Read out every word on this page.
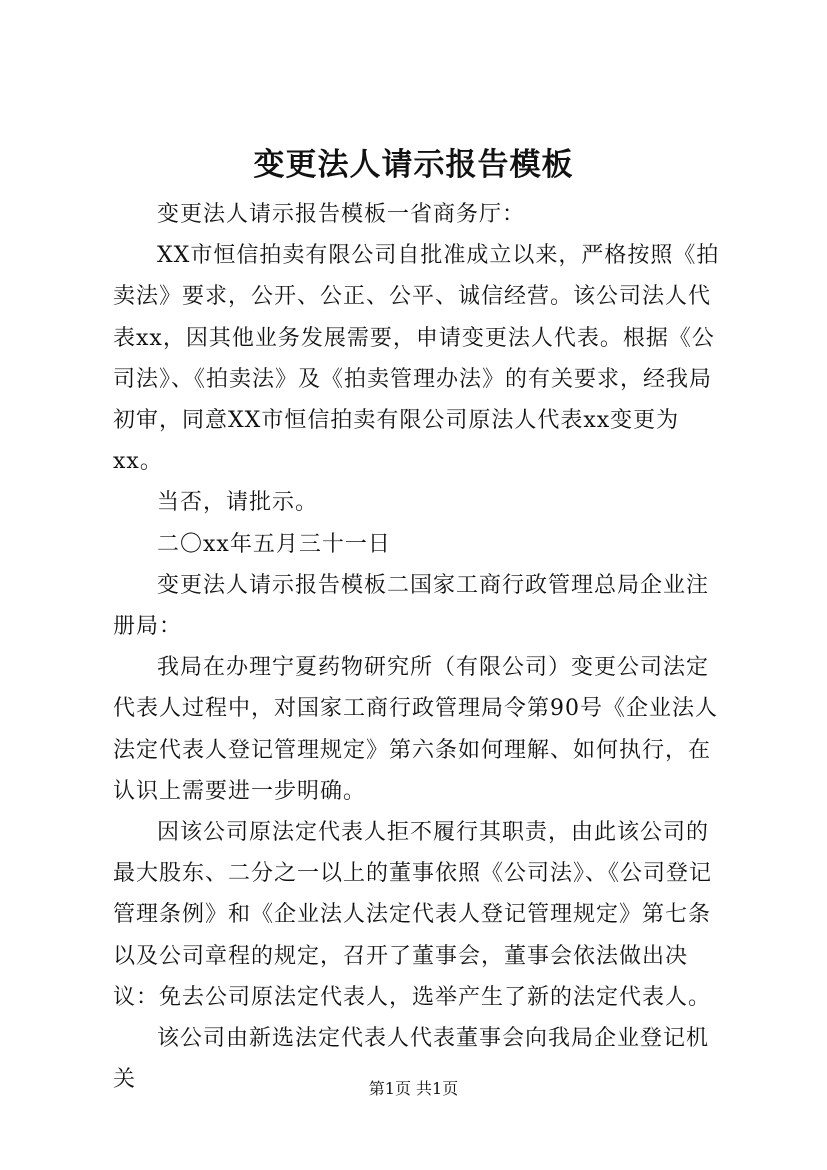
变更法人请示报告模板

变更法人请示报告模板一省商务厅：

XX市恒信拍卖有限公司自批准成立以来，严格按照《拍卖法》要求，公开、公正、公平、诚信经营。该公司法人代表xx，因其他业务发展需要，申请变更法人代表。根据《公司法》、《拍卖法》及《拍卖管理办法》的有关要求，经我局初审，同意XX市恒信拍卖有限公司原法人代表xx变更为xx。

当否，请批示。

二〇xx年五月三十一日

变更法人请示报告模板二国家工商行政管理总局企业注册局：

我局在办理宁夏药物研究所（有限公司）变更公司法定代表人过程中，对国家工商行政管理局令第90号《企业法人法定代表人登记管理规定》第六条如何理解、如何执行，在认识上需要进一步明确。

因该公司原法定代表人拒不履行其职责，由此该公司的最大股东、二分之一以上的董事依照《公司法》、《公司登记管理条例》和《企业法人法定代表人登记管理规定》第七条以及公司章程的规定，召开了董事会，董事会依法做出决议：免去公司原法定代表人，选举产生了新的法定代表人。

该公司由新选法定代表人代表董事会向我局企业登记机关	第1页 共1页
